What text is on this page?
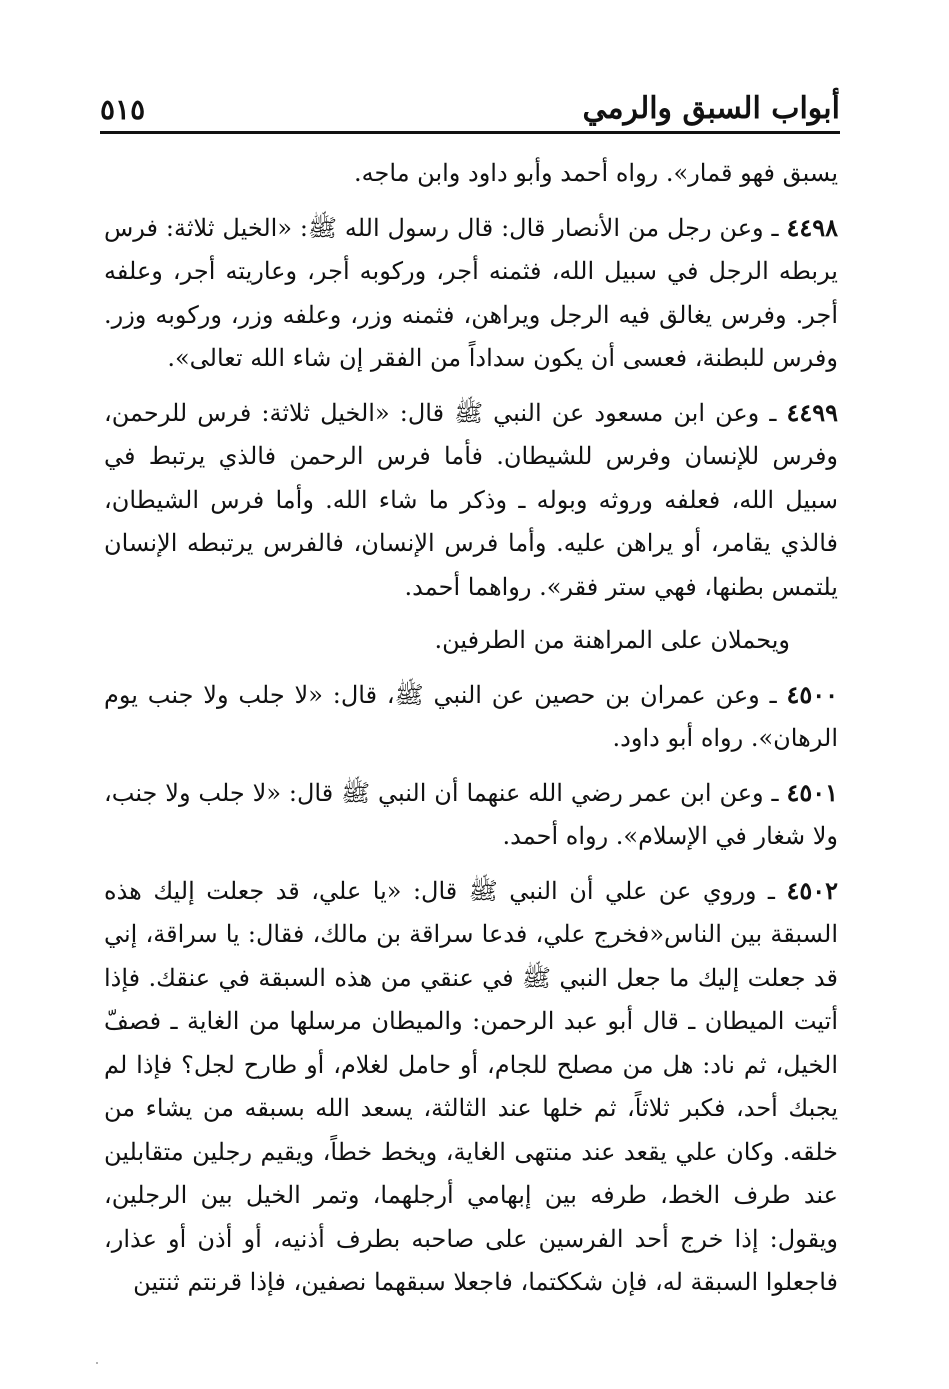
أبواب السبق والرمي
٥١٥

يسبق فهو قمار». رواه أحمد وأبو داود وابن ماجه.

٤٤٩٨ ـ وعن رجل من الأنصار قال: قال رسول الله ﷺ: «الخيل ثلاثة: فرس يربطه الرجل في سبيل الله، فثمنه أجر، وركوبه أجر، وعاريته أجر، وعلفه أجر. وفرس يغالق فيه الرجل ويراهن، فثمنه وزر، وعلفه وزر، وركوبه وزر. وفرس للبطنة، فعسى أن يكون سداداً من الفقر إن شاء الله تعالى».

٤٤٩٩ ـ وعن ابن مسعود عن النبي ﷺ قال: «الخيل ثلاثة: فرس للرحمن، وفرس للإنسان وفرس للشيطان. فأما فرس الرحمن فالذي يرتبط في سبيل الله، فعلفه وروثه وبوله ـ وذكر ما شاء الله. وأما فرس الشيطان، فالذي يقامر، أو يراهن عليه. وأما فرس الإنسان، فالفرس يرتبطه الإنسان يلتمس بطنها، فهي ستر فقر». رواهما أحمد.

ويحملان على المراهنة من الطرفين.

٤٥٠٠ ـ وعن عمران بن حصين عن النبي ﷺ، قال: «لا جلب ولا جنب يوم الرهان». رواه أبو داود.

٤٥٠١ ـ وعن ابن عمر رضي الله عنهما أن النبي ﷺ قال: «لا جلب ولا جنب، ولا شغار في الإسلام». رواه أحمد.

٤٥٠٢ ـ وروي عن علي أن النبي ﷺ قال: «يا علي، قد جعلت إليك هذه السبقة بين الناس«فخرج علي، فدعا سراقة بن مالك، فقال: يا سراقة، إني قد جعلت إليك ما جعل النبي ﷺ في عنقي من هذه السبقة في عنقك. فإذا أتيت الميطان ـ قال أبو عبد الرحمن: والميطان مرسلها من الغاية ـ فصفّ الخيل، ثم ناد: هل من مصلح للجام، أو حامل لغلام، أو طارح لجل؟ فإذا لم يجبك أحد، فكبر ثلاثاً، ثم خلها عند الثالثة، يسعد الله بسبقه من يشاء من خلقه. وكان علي يقعد عند منتهى الغاية، ويخط خطاً، ويقيم رجلين متقابلين عند طرف الخط، طرفه بين إبهامي أرجلهما، وتمر الخيل بين الرجلين، ويقول: إذا خرج أحد الفرسين على صاحبه بطرف أذنيه، أو أذن أو عذار، فاجعلوا السبقة له، فإن شككتما، فاجعلا سبقهما نصفين، فإذا قرنتم ثنتين
